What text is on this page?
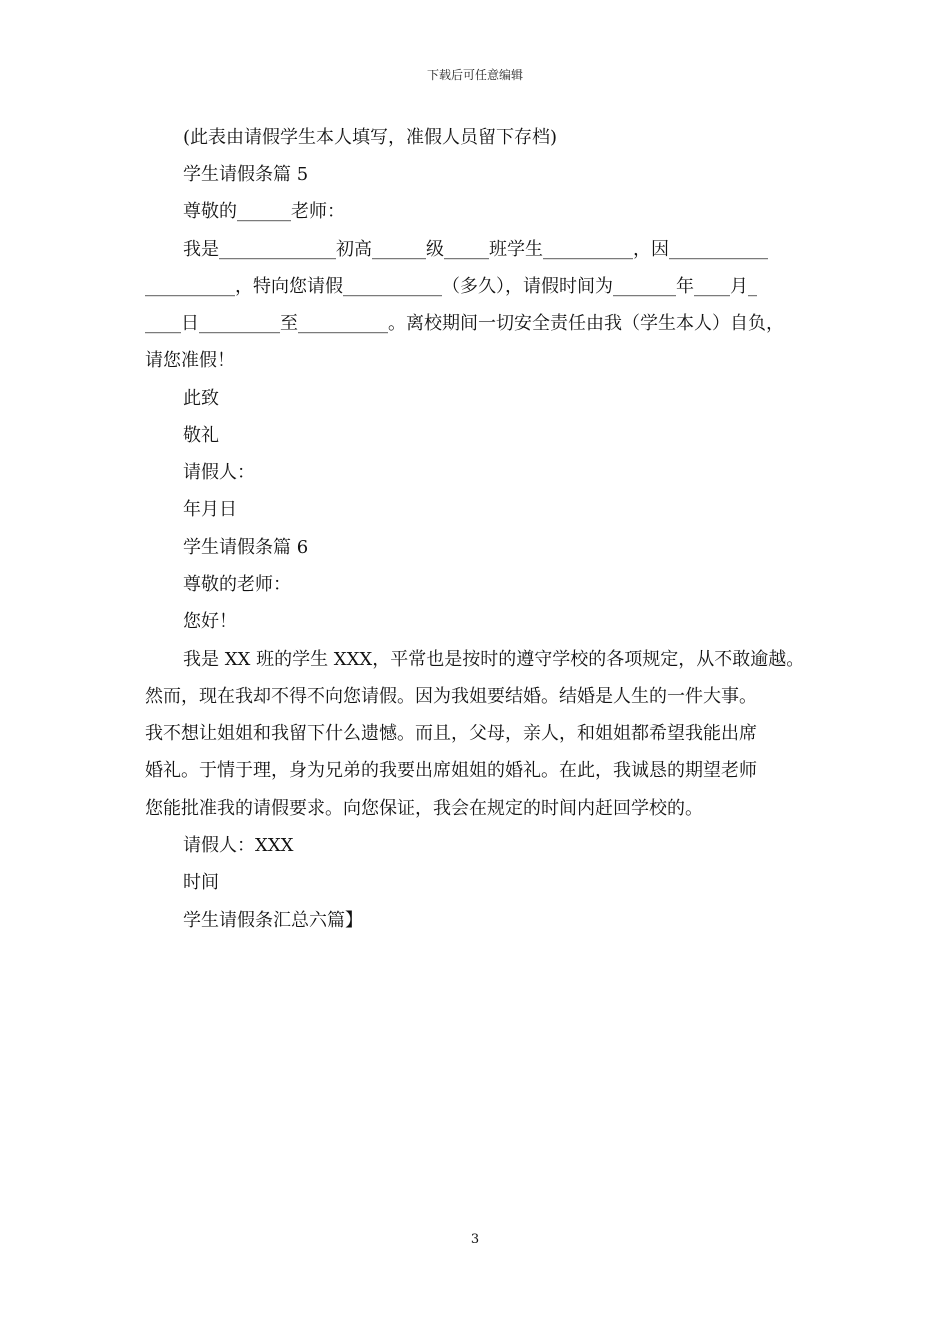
下载后可任意编辑
(此表由请假学生本人填写，准假人员留下存档)
学生请假条篇 5
尊敬的______老师：
我是_____________初高______级_____班学生__________，因___________
__________，特向您请假___________（多久），请假时间为_______年____月_
____日_________至__________。离校期间一切安全责任由我（学生本人）自负，
请您准假！
此致
敬礼
请假人：
年月日
学生请假条篇 6
尊敬的老师：
您好！
我是 XX 班的学生 XXX，平常也是按时的遵守学校的各项规定，从不敢逾越。
然而，现在我却不得不向您请假。因为我姐要结婚。结婚是人生的一件大事。
我不想让姐姐和我留下什么遗憾。而且，父母，亲人，和姐姐都希望我能出席
婚礼。于情于理，身为兄弟的我要出席姐姐的婚礼。在此，我诚恳的期望老师
您能批准我的请假要求。向您保证，我会在规定的时间内赶回学校的。
请假人：XXX
时间
学生请假条汇总六篇】
3
